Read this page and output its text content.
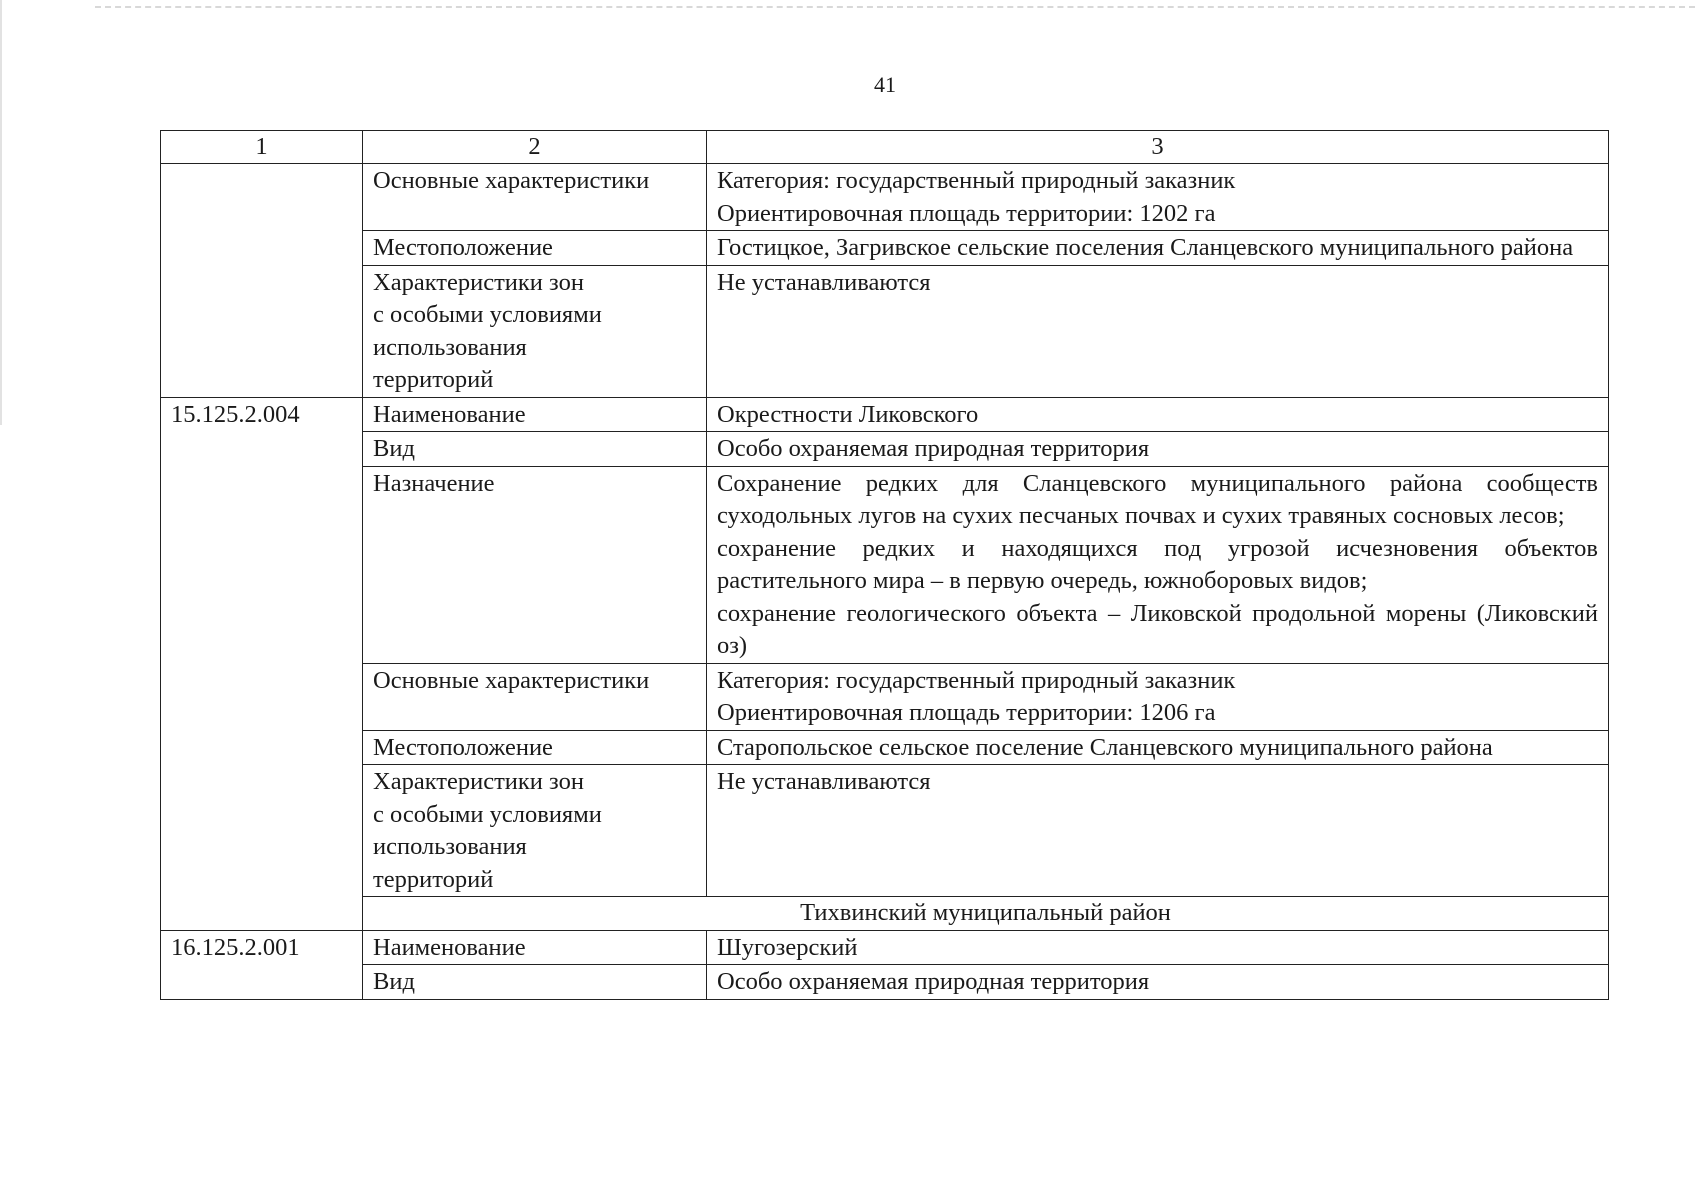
41
1	2	3
	Основные характеристики	Категория: государственный природный заказник
Ориентировочная площадь территории: 1202 га

	Местоположение	Гостицкое, Загривское сельские поселения Сланцевского муниципального района

	Характеристики зон
с особыми условиями
использования
территорий	Не устанавливаются
15.125.2.004	Наименование	Окрестности Ликовского
	Вид	Особо охраняемая природная территория
	Назначение	Сохранение редких для Сланцевского муниципального района сообществ суходольных лугов на сухих песчаных почвах и сухих травяных сосновых лесов;
сохранение редких и находящихся под угрозой исчезновения объектов растительного мира – в первую очередь, южноборовых видов;
сохранение геологического объекта – Ликовской продольной морены (Ликовский оз)

	Основные характеристики	Категория: государственный природный заказник
Ориентировочная площадь территории: 1206 га

	Местоположение	Старопольское сельское поселение Сланцевского муниципального района

	Характеристики зон
с особыми условиями
использования
территорий	Не устанавливаются
	Тихвинский муниципальный район	
16.125.2.001	Наименование	Шугозерский
	Вид	Особо охраняемая природная территория
